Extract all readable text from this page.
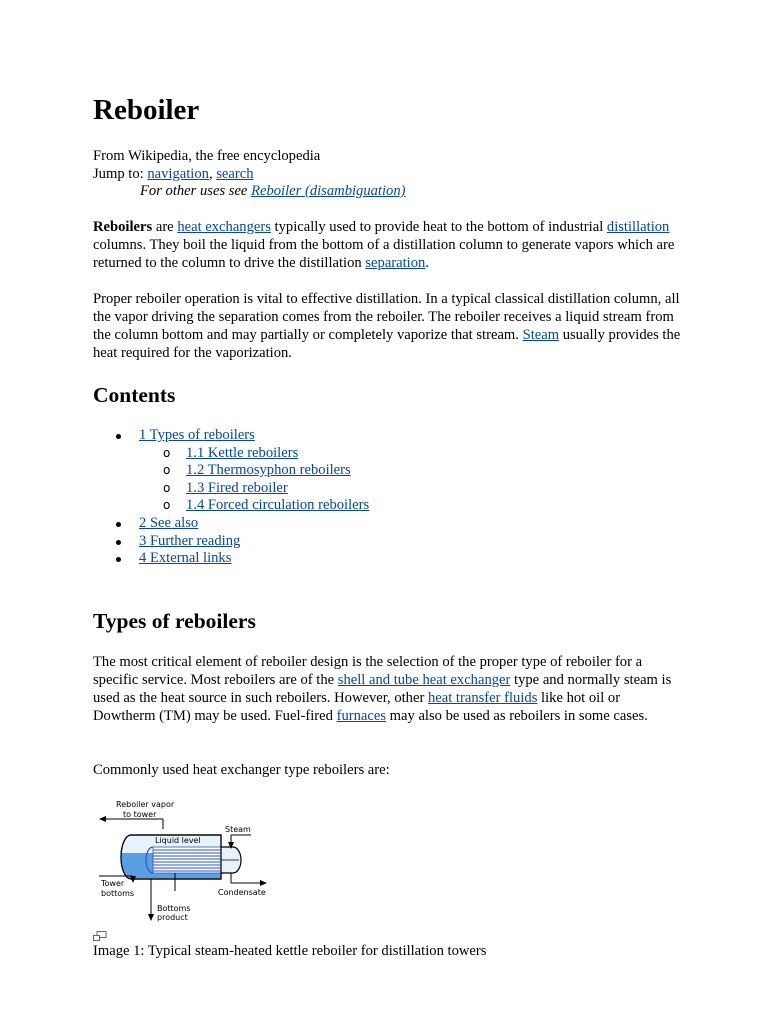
Reboiler
From Wikipedia, the free encyclopedia
Jump to: navigation, search
For other uses see Reboiler (disambiguation)

Reboilers are heat exchangers typically used to provide heat to the bottom of industrial distillation columns. They boil the liquid from the bottom of a distillation column to generate vapors which are returned to the column to drive the distillation separation.

Proper reboiler operation is vital to effective distillation. In a typical classical distillation column, all the vapor driving the separation comes from the reboiler. The reboiler receives a liquid stream from the column bottom and may partially or completely vaporize that stream. Steam usually provides the heat required for the vaporization.

Contents
1 Types of reboilers
o 1.1 Kettle reboilers
o 1.2 Thermosyphon reboilers
o 1.3 Fired reboiler
o 1.4 Forced circulation reboilers
2 See also
3 Further reading
4 External links
Types of reboilers

The most critical element of reboiler design is the selection of the proper type of reboiler for a specific service. Most reboilers are of the shell and tube heat exchanger type and normally steam is used as the heat source in such reboilers. However, other heat transfer fluids like hot oil or Dowtherm (TM) may be used. Fuel-fired furnaces may also be used as reboilers in some cases.

Commonly used heat exchanger type reboilers are:

Reboiler vapor
to tower
Liquid level
Steam
Condensate
Tower
bottoms
Bottoms
product
Image 1: Typical steam-heated kettle reboiler for distillation towers
